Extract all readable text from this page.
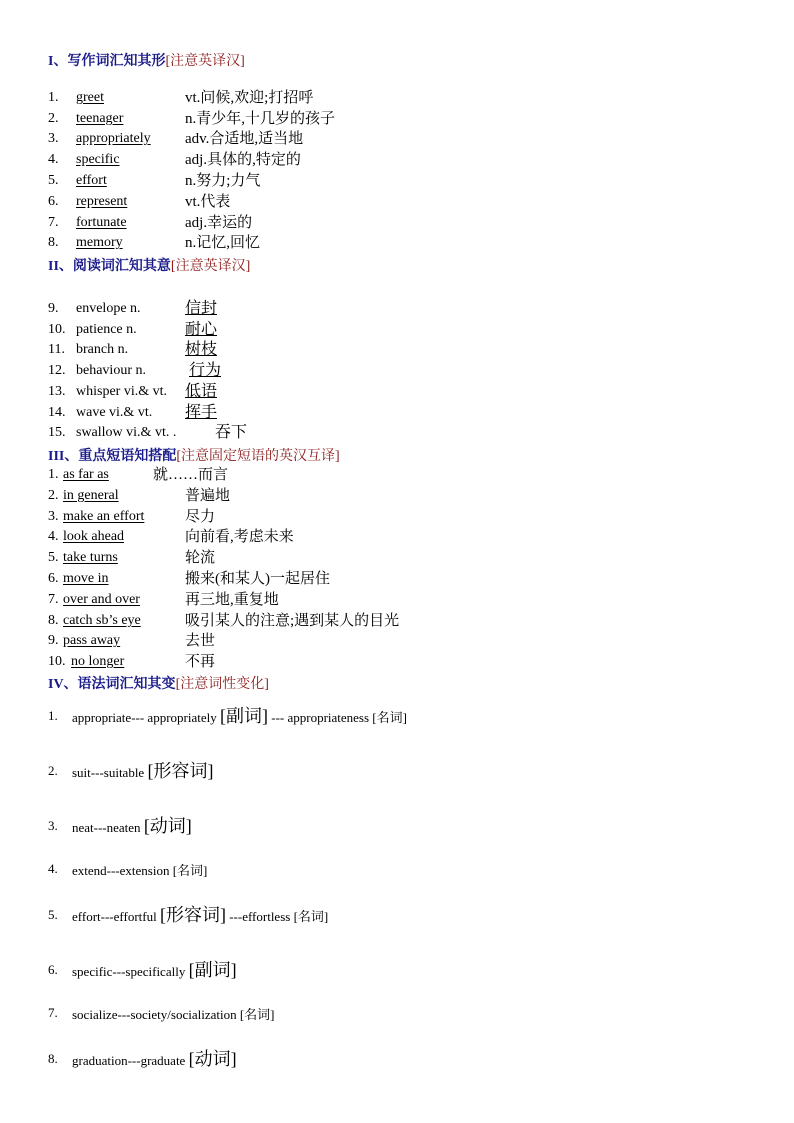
I、写作词汇知其形[注意英译汉]
1. greet	vt.问候,欢迎;打招呼
2. teenager	n.青少年,十几岁的孩子
3. appropriately adv.合适地,适当地
4. specific	adj.具体的,特定的
5. effort	n.努力;力气
6. represent	vt.代表
7. fortunate	adj.幸运的
8. memory	n.记忆,回忆
II、阅读词汇知其意[注意英译汉]
9. envelope n.	信封
10. patience n.	耐心
11. branch n.	树枝
12. behaviour n.	行为
13. whisper vi.& vt. 低语
14. wave vi.& vt. 挥手
15. swallow vi.& vt. . 吞下
III、重点短语知搭配[注意固定短语的英汉互译]
1. as far as	就……而言
2. in general	普遍地
3. make an effort	尽力
4. look ahead	向前看,考虑未来
5. take turns	轮流
6. move in	搬来(和某人)一起居住
7. over and over	再三地,重复地
8. catch sb’s eye	吸引某人的注意;遇到某人的目光
9. pass away	去世
10. no longer	不再
IV、语法词汇知其变[注意词性变化]
1. appropriate--- appropriately [副词] --- appropriateness [名词]
2. suit---suitable [形容词]
3. neat---neaten [动词]
4. extend---extension [名词]
5. effort---effortful [形容词] ---effortless [名词]
6. specific---specifically [副词]
7. socialize---society/socialization [名词]
8. graduation---graduate [动词]
